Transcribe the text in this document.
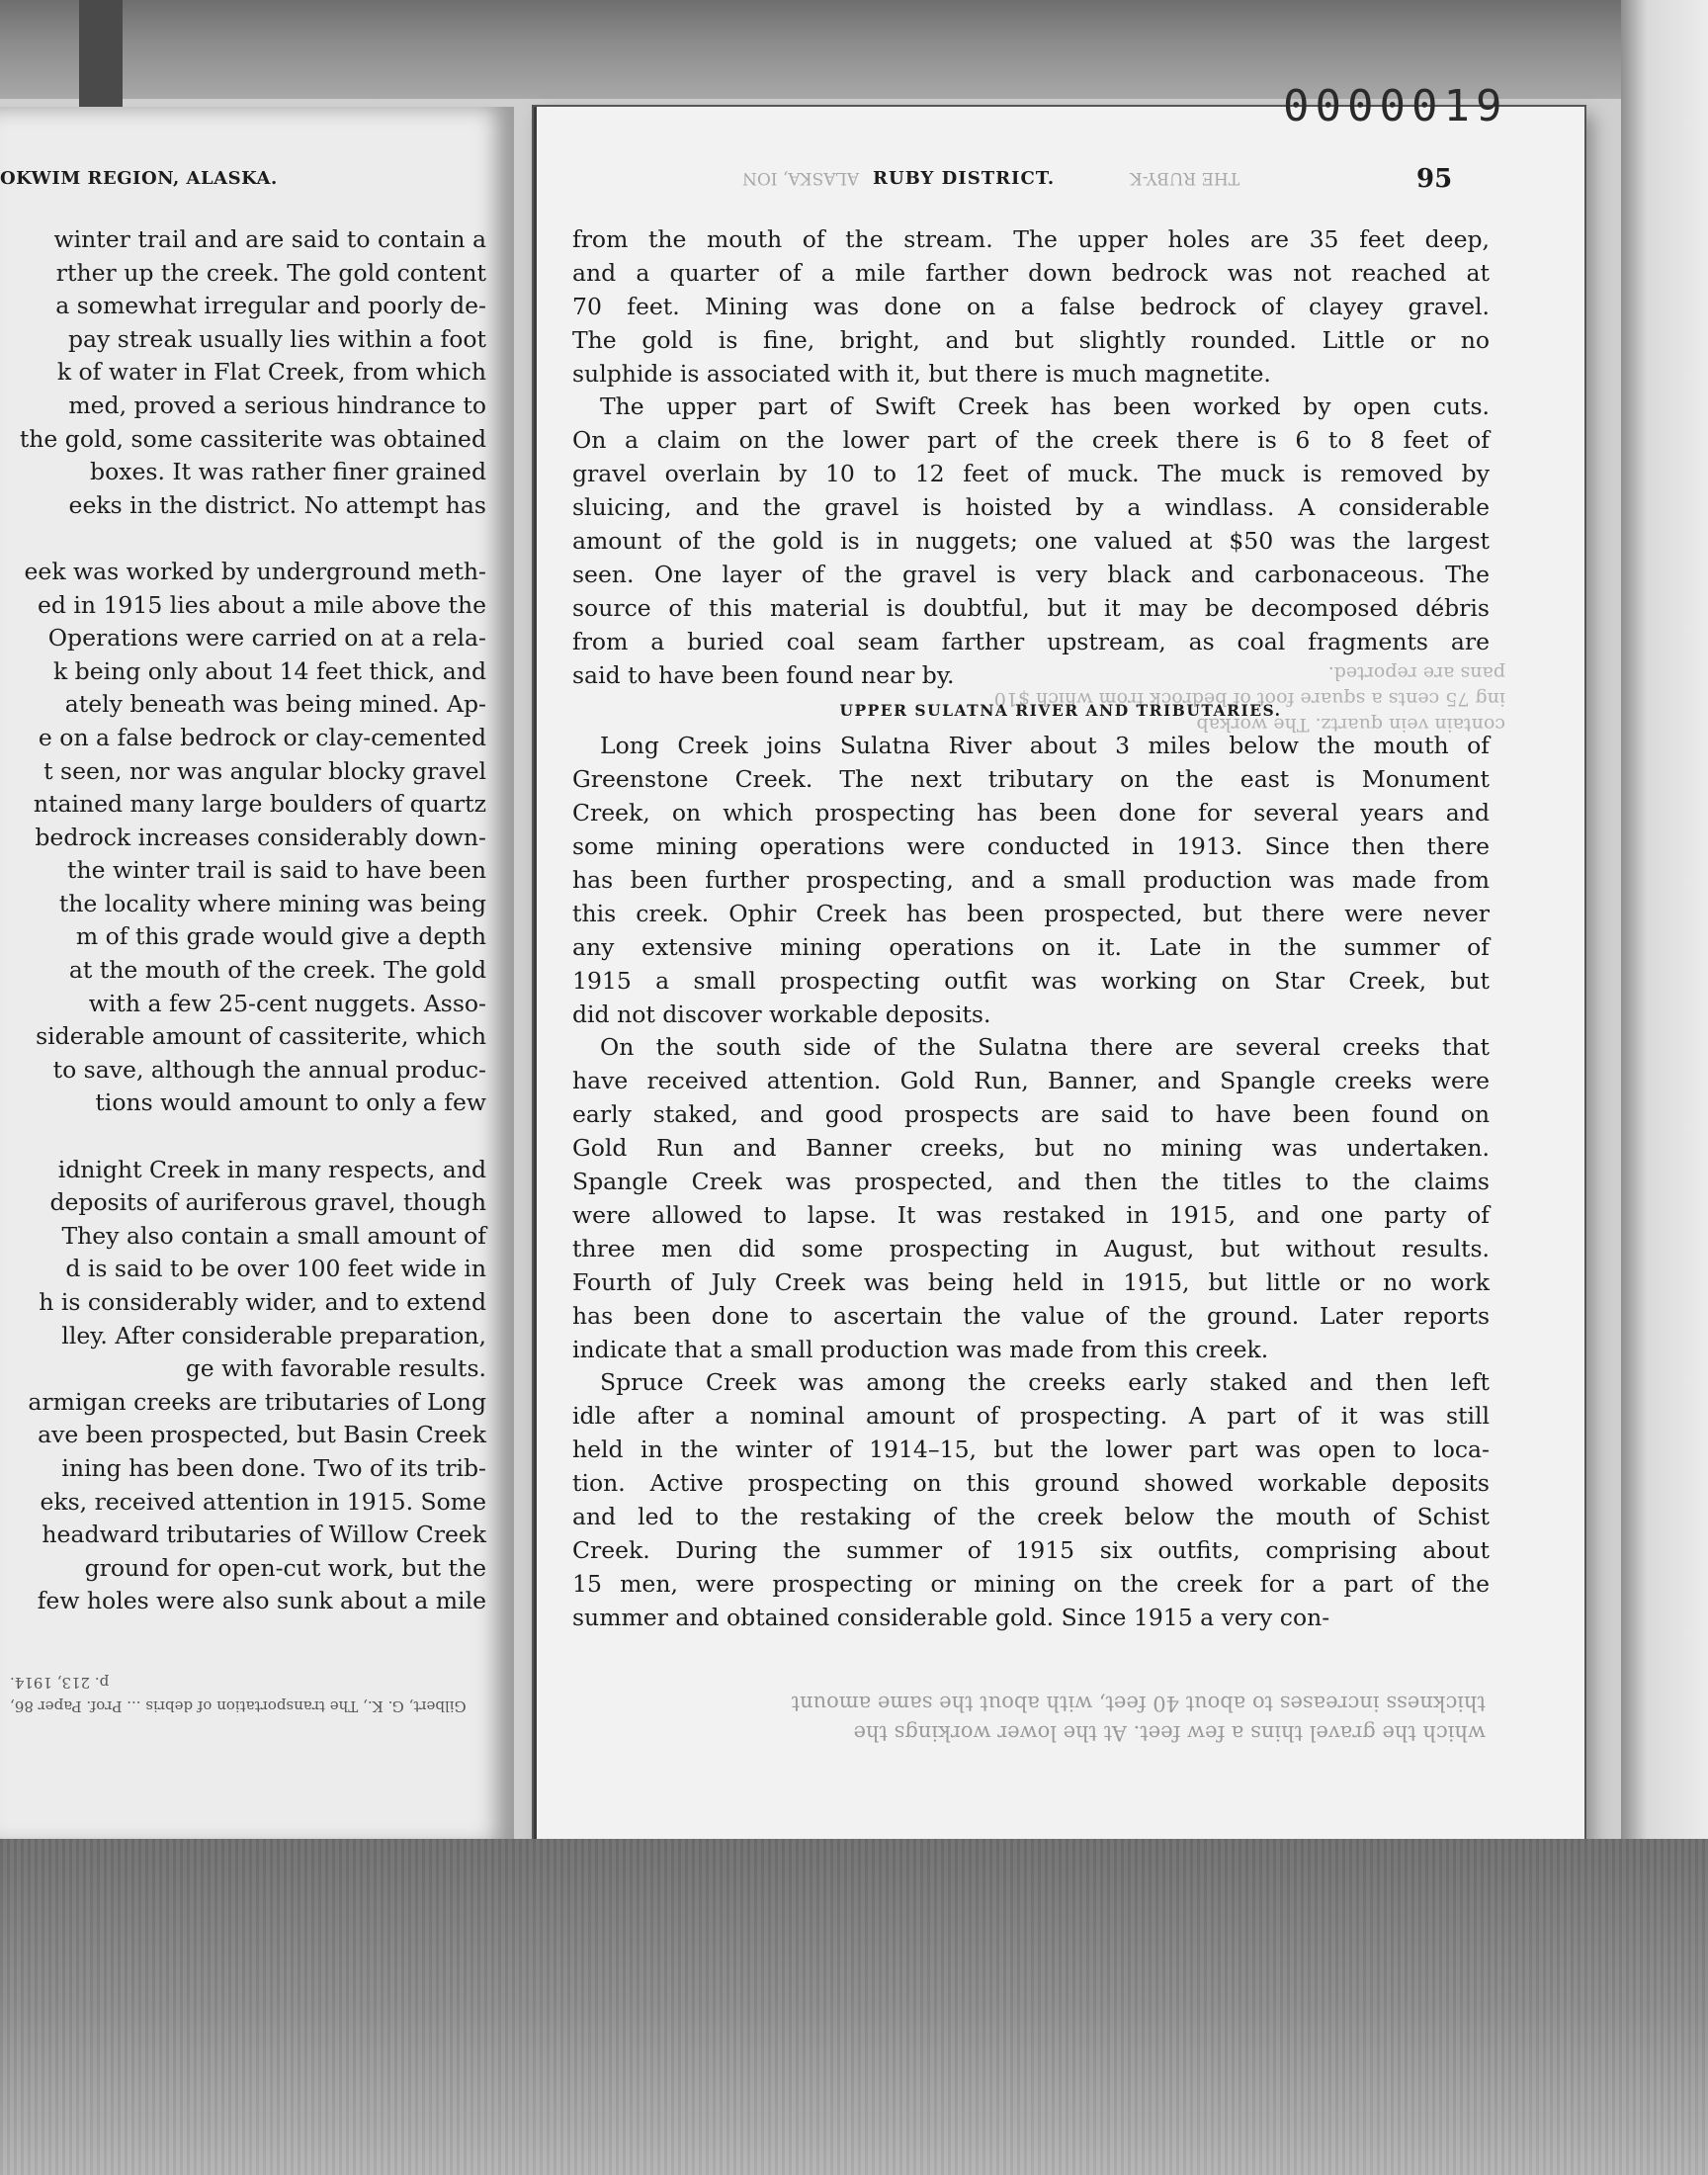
OKWIM REGION, ALASKA.
winter trail and are said to contain a
rther up the creek. The gold content
a somewhat irregular and poorly de-
pay streak usually lies within a foot
k of water in Flat Creek, from which
med, proved a serious hindrance to
the gold, some cassiterite was obtained
boxes. It was rather finer grained
eeks in the district. No attempt has
eek was worked by underground meth-
ed in 1915 lies about a mile above the
Operations were carried on at a rela-
k being only about 14 feet thick, and
ately beneath was being mined. Ap-
e on a false bedrock or clay-cemented
t seen, nor was angular blocky gravel
ntained many large boulders of quartz
bedrock increases considerably down-
the winter trail is said to have been
the locality where mining was being
m of this grade would give a depth
at the mouth of the creek. The gold
with a few 25-cent nuggets. Asso-
siderable amount of cassiterite, which
to save, although the annual produc-
tions would amount to only a few
idnight Creek in many respects, and
deposits of auriferous gravel, though
They also contain a small amount of
d is said to be over 100 feet wide in
h is considerably wider, and to extend
lley. After considerable preparation,
ge with favorable results.
armigan creeks are tributaries of Long
ave been prospected, but Basin Creek
ining has been done. Two of its trib-
eks, received attention in 1915. Some
headward tributaries of Willow Creek
ground for open-cut work, but the
few holes were also sunk about a mile
Gilbert, G. K., The transportation of debris ... Prof. Paper 86, p. 213, 1914.
0000019
ALASKA, ION RUBY DISTRICT.	THE RUBY-K	95
contain vein quartz. The workab
ing 75 cents a square foot of bedrock from which $10
pans are reported.
from the mouth of the stream. The upper holes are 35 feet deep,
and a quarter of a mile farther down bedrock was not reached at
70 feet. Mining was done on a false bedrock of clayey gravel.
The gold is fine, bright, and but slightly rounded. Little or no
sulphide is associated with it, but there is much magnetite.
The upper part of Swift Creek has been worked by open cuts.
On a claim on the lower part of the creek there is 6 to 8 feet of
gravel overlain by 10 to 12 feet of muck. The muck is removed by
sluicing, and the gravel is hoisted by a windlass. A considerable
amount of the gold is in nuggets; one valued at $50 was the largest
seen. One layer of the gravel is very black and carbonaceous. The
source of this material is doubtful, but it may be decomposed débris
from a buried coal seam farther upstream, as coal fragments are
said to have been found near by.
UPPER SULATNA RIVER AND TRIBUTARIES.
Long Creek joins Sulatna River about 3 miles below the mouth of
Greenstone Creek. The next tributary on the east is Monument
Creek, on which prospecting has been done for several years and
some mining operations were conducted in 1913. Since then there
has been further prospecting, and a small production was made from
this creek. Ophir Creek has been prospected, but there were never
any extensive mining operations on it. Late in the summer of
1915 a small prospecting outfit was working on Star Creek, but
did not discover workable deposits.
On the south side of the Sulatna there are several creeks that
have received attention. Gold Run, Banner, and Spangle creeks were
early staked, and good prospects are said to have been found on
Gold Run and Banner creeks, but no mining was undertaken.
Spangle Creek was prospected, and then the titles to the claims
were allowed to lapse. It was restaked in 1915, and one party of
three men did some prospecting in August, but without results.
Fourth of July Creek was being held in 1915, but little or no work
has been done to ascertain the value of the ground. Later reports
indicate that a small production was made from this creek.
Spruce Creek was among the creeks early staked and then left
idle after a nominal amount of prospecting. A part of it was still
held in the winter of 1914–15, but the lower part was open to loca-
tion. Active prospecting on this ground showed workable deposits
and led to the restaking of the creek below the mouth of Schist
Creek. During the summer of 1915 six outfits, comprising about
15 men, were prospecting or mining on the creek for a part of the
summer and obtained considerable gold. Since 1915 a very con-
which the gravel thins a few feet. At the lower workings the
thickness increases to about 40 feet, with about the same amount
